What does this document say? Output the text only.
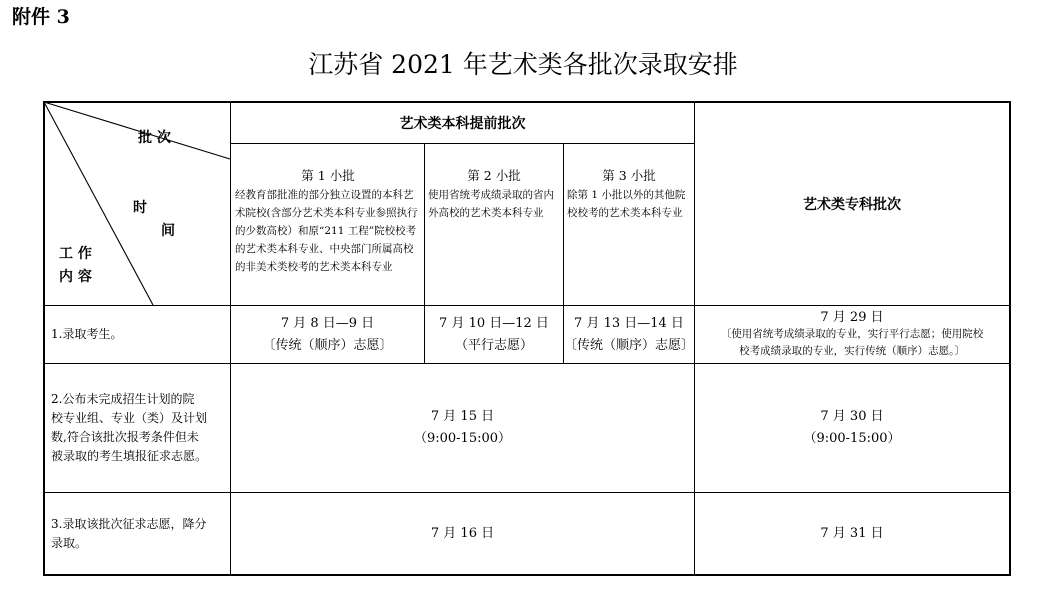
附件 3
江苏省 2021 年艺术类各批次录取安排
批 次
时
间
工 作
内 容
艺术类本科提前批次
艺术类专科批次
第 1 小批
经教育部批准的部分独立设置的本科艺术院校(含部分艺术类本科专业参照执行的少数高校）和原“211 工程”院校校考的艺术类本科专业、中央部门所属高校的非美术类校考的艺术类本科专业
第 2 小批
使用省统考成绩录取的省内外高校的艺术类本科专业
第 3 小批
除第 1 小批以外的其他院校校考的艺术类本科专业
1.录取考生。
7 月 8 日—9 日
〔传统（顺序）志愿〕
7 月 10 日—12 日
（平行志愿）
7 月 13 日—14 日
〔传统（顺序）志愿〕
7 月 29 日
〔使用省统考成绩录取的专业，实行平行志愿；使用院校
校考成绩录取的专业，实行传统（顺序）志愿。〕
2.公布未完成招生计划的院
校专业组、专业（类）及计划
数,符合该批次报考条件但未
被录取的考生填报征求志愿。
7 月 15 日
（9:00-15:00）
7 月 30 日
（9:00-15:00）
3.录取该批次征求志愿，降分
录取。
7 月 16 日	7 月 31 日
